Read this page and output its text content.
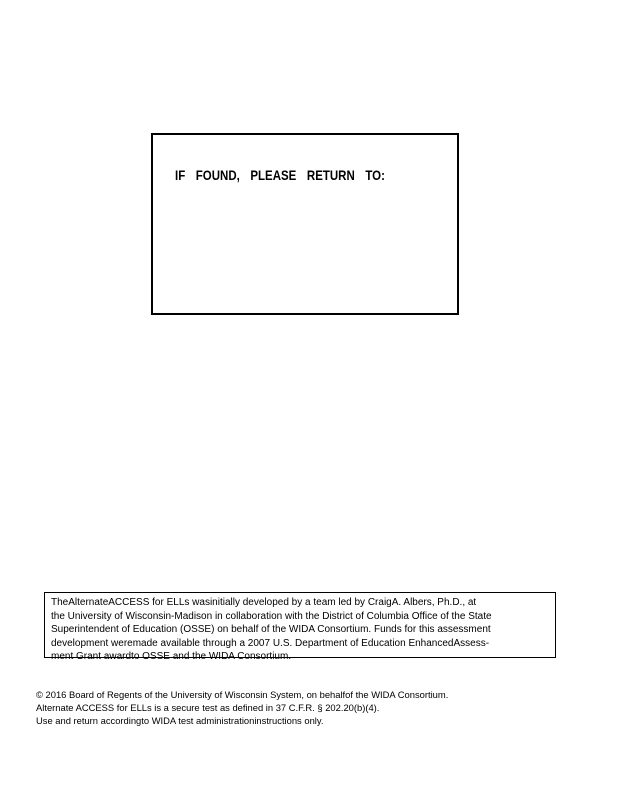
IF FOUND, PLEASE RETURN TO:
TheAlternateACCESS for ELLs wasinitially developed by a team led by CraigA. Albers, Ph.D., at
the University of Wisconsin-Madison in collaboration with the District of Columbia Office of the State
Superintendent of Education (OSSE) on behalf of the WIDA Consortium. Funds for this assessment
development weremade available through a 2007 U.S. Department of Education EnhancedAssess-
ment Grant awardto OSSE and the WIDA Consortium.
© 2016 Board of Regents of the University of Wisconsin System, on behalfof the WIDA Consortium.
Alternate ACCESS for ELLs is a secure test as defined in 37 C.F.R. § 202.20(b)(4).
Use and return accordingto WIDA test administrationinstructions only.
